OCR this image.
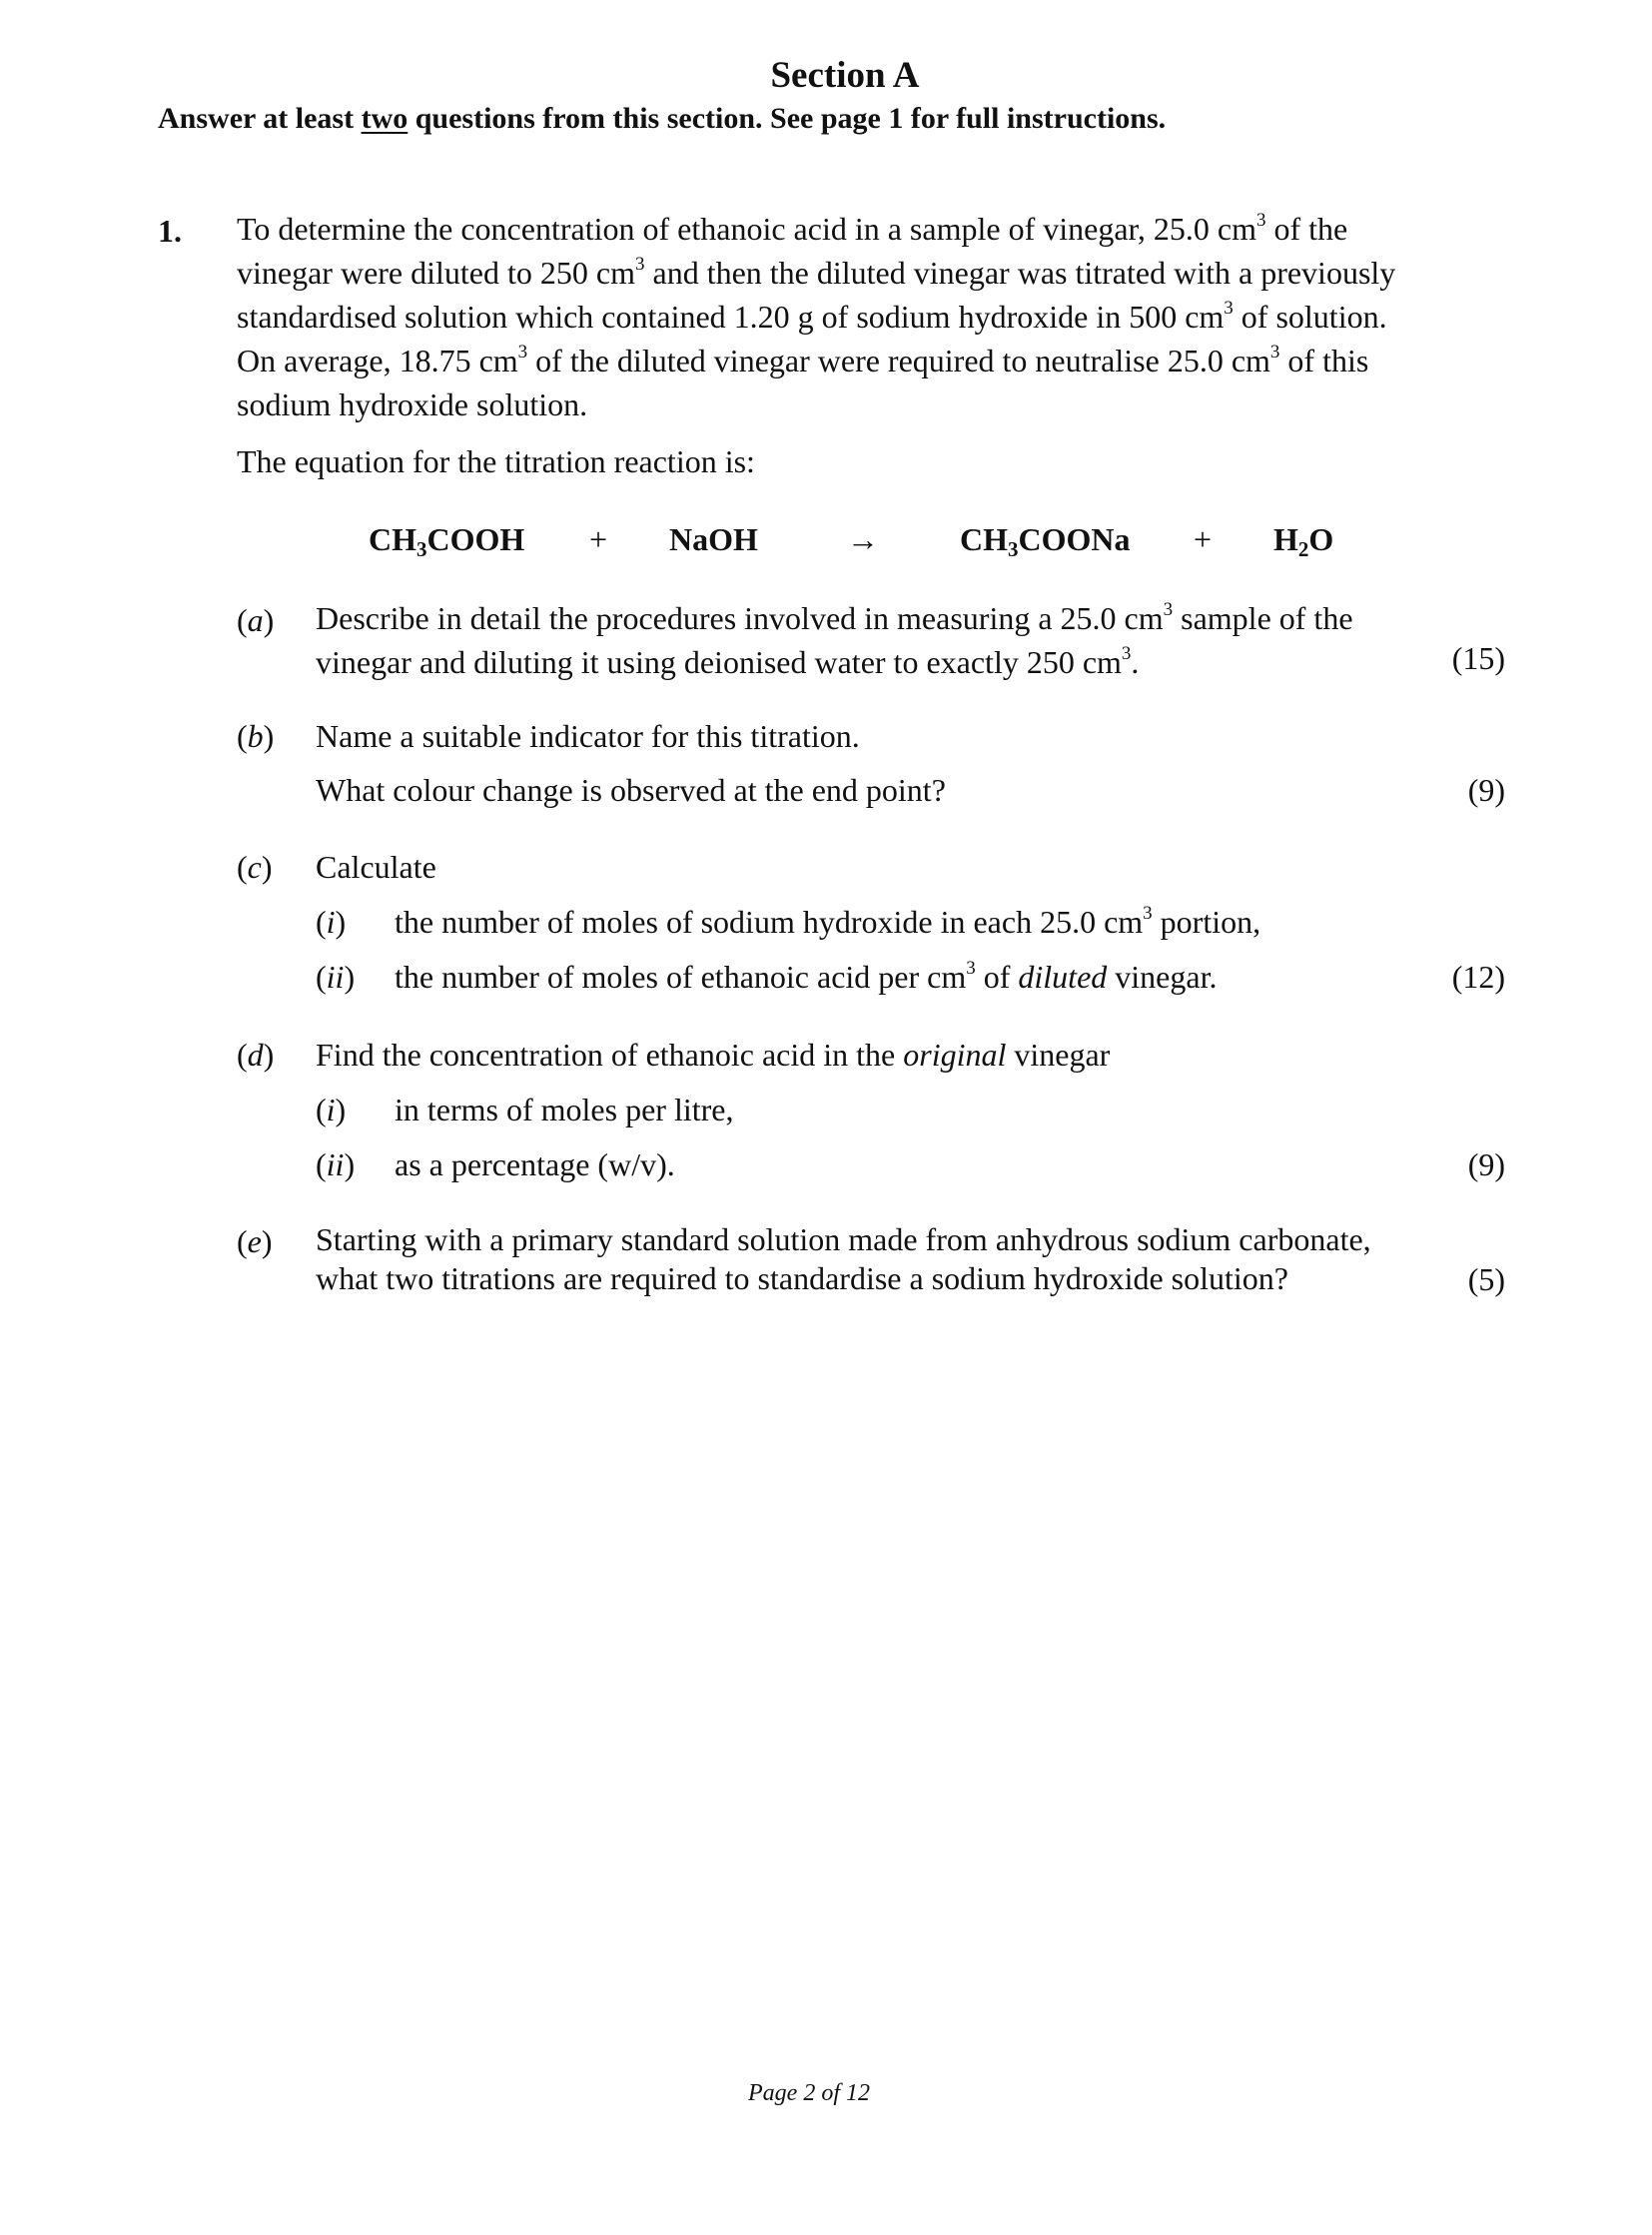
Section A
Answer at least two questions from this section. See page 1 for full instructions.
1. To determine the concentration of ethanoic acid in a sample of vinegar, 25.0 $cm^3$ of the
vinegar were diluted to 250 $cm^3$ and then the diluted vinegar was titrated with a previously
standardised solution which contained 1.20 g of sodium hydroxide in 500 $cm^3$ of solution.
On average, 18.75 $cm^3$ of the diluted vinegar were required to neutralise 25.0 $cm^3$ of this
sodium hydroxide solution.
The equation for the titration reaction is:
$CH_3COOH$ + NaOH	→	$CH_3COONa + H_2O$
(a) Describe in detail the procedures involved in measuring a 25.0 $cm^3$ sample of the
vinegar and diluting it using deionised water to exactly 250 $cm^3$.	(15)
(b) Name a suitable indicator for this titration.
What colour change is observed at the end point?	(9)
(c) Calculate
(i) the number of moles of sodium hydroxide in each 25.0 $cm^3$ portion,
(ii) the number of moles of ethanoic acid per $cm^3$ of diluted vinegar.	(12)
(d) Find the concentration of ethanoic acid in the original vinegar
(i) in terms of moles per litre,
(ii) as a percentage (w/v).	(9)
(e) Starting with a primary standard solution made from anhydrous sodium carbonate,
what two titrations are required to standardise a sodium hydroxide solution?	(5)
Page 2 of 12
